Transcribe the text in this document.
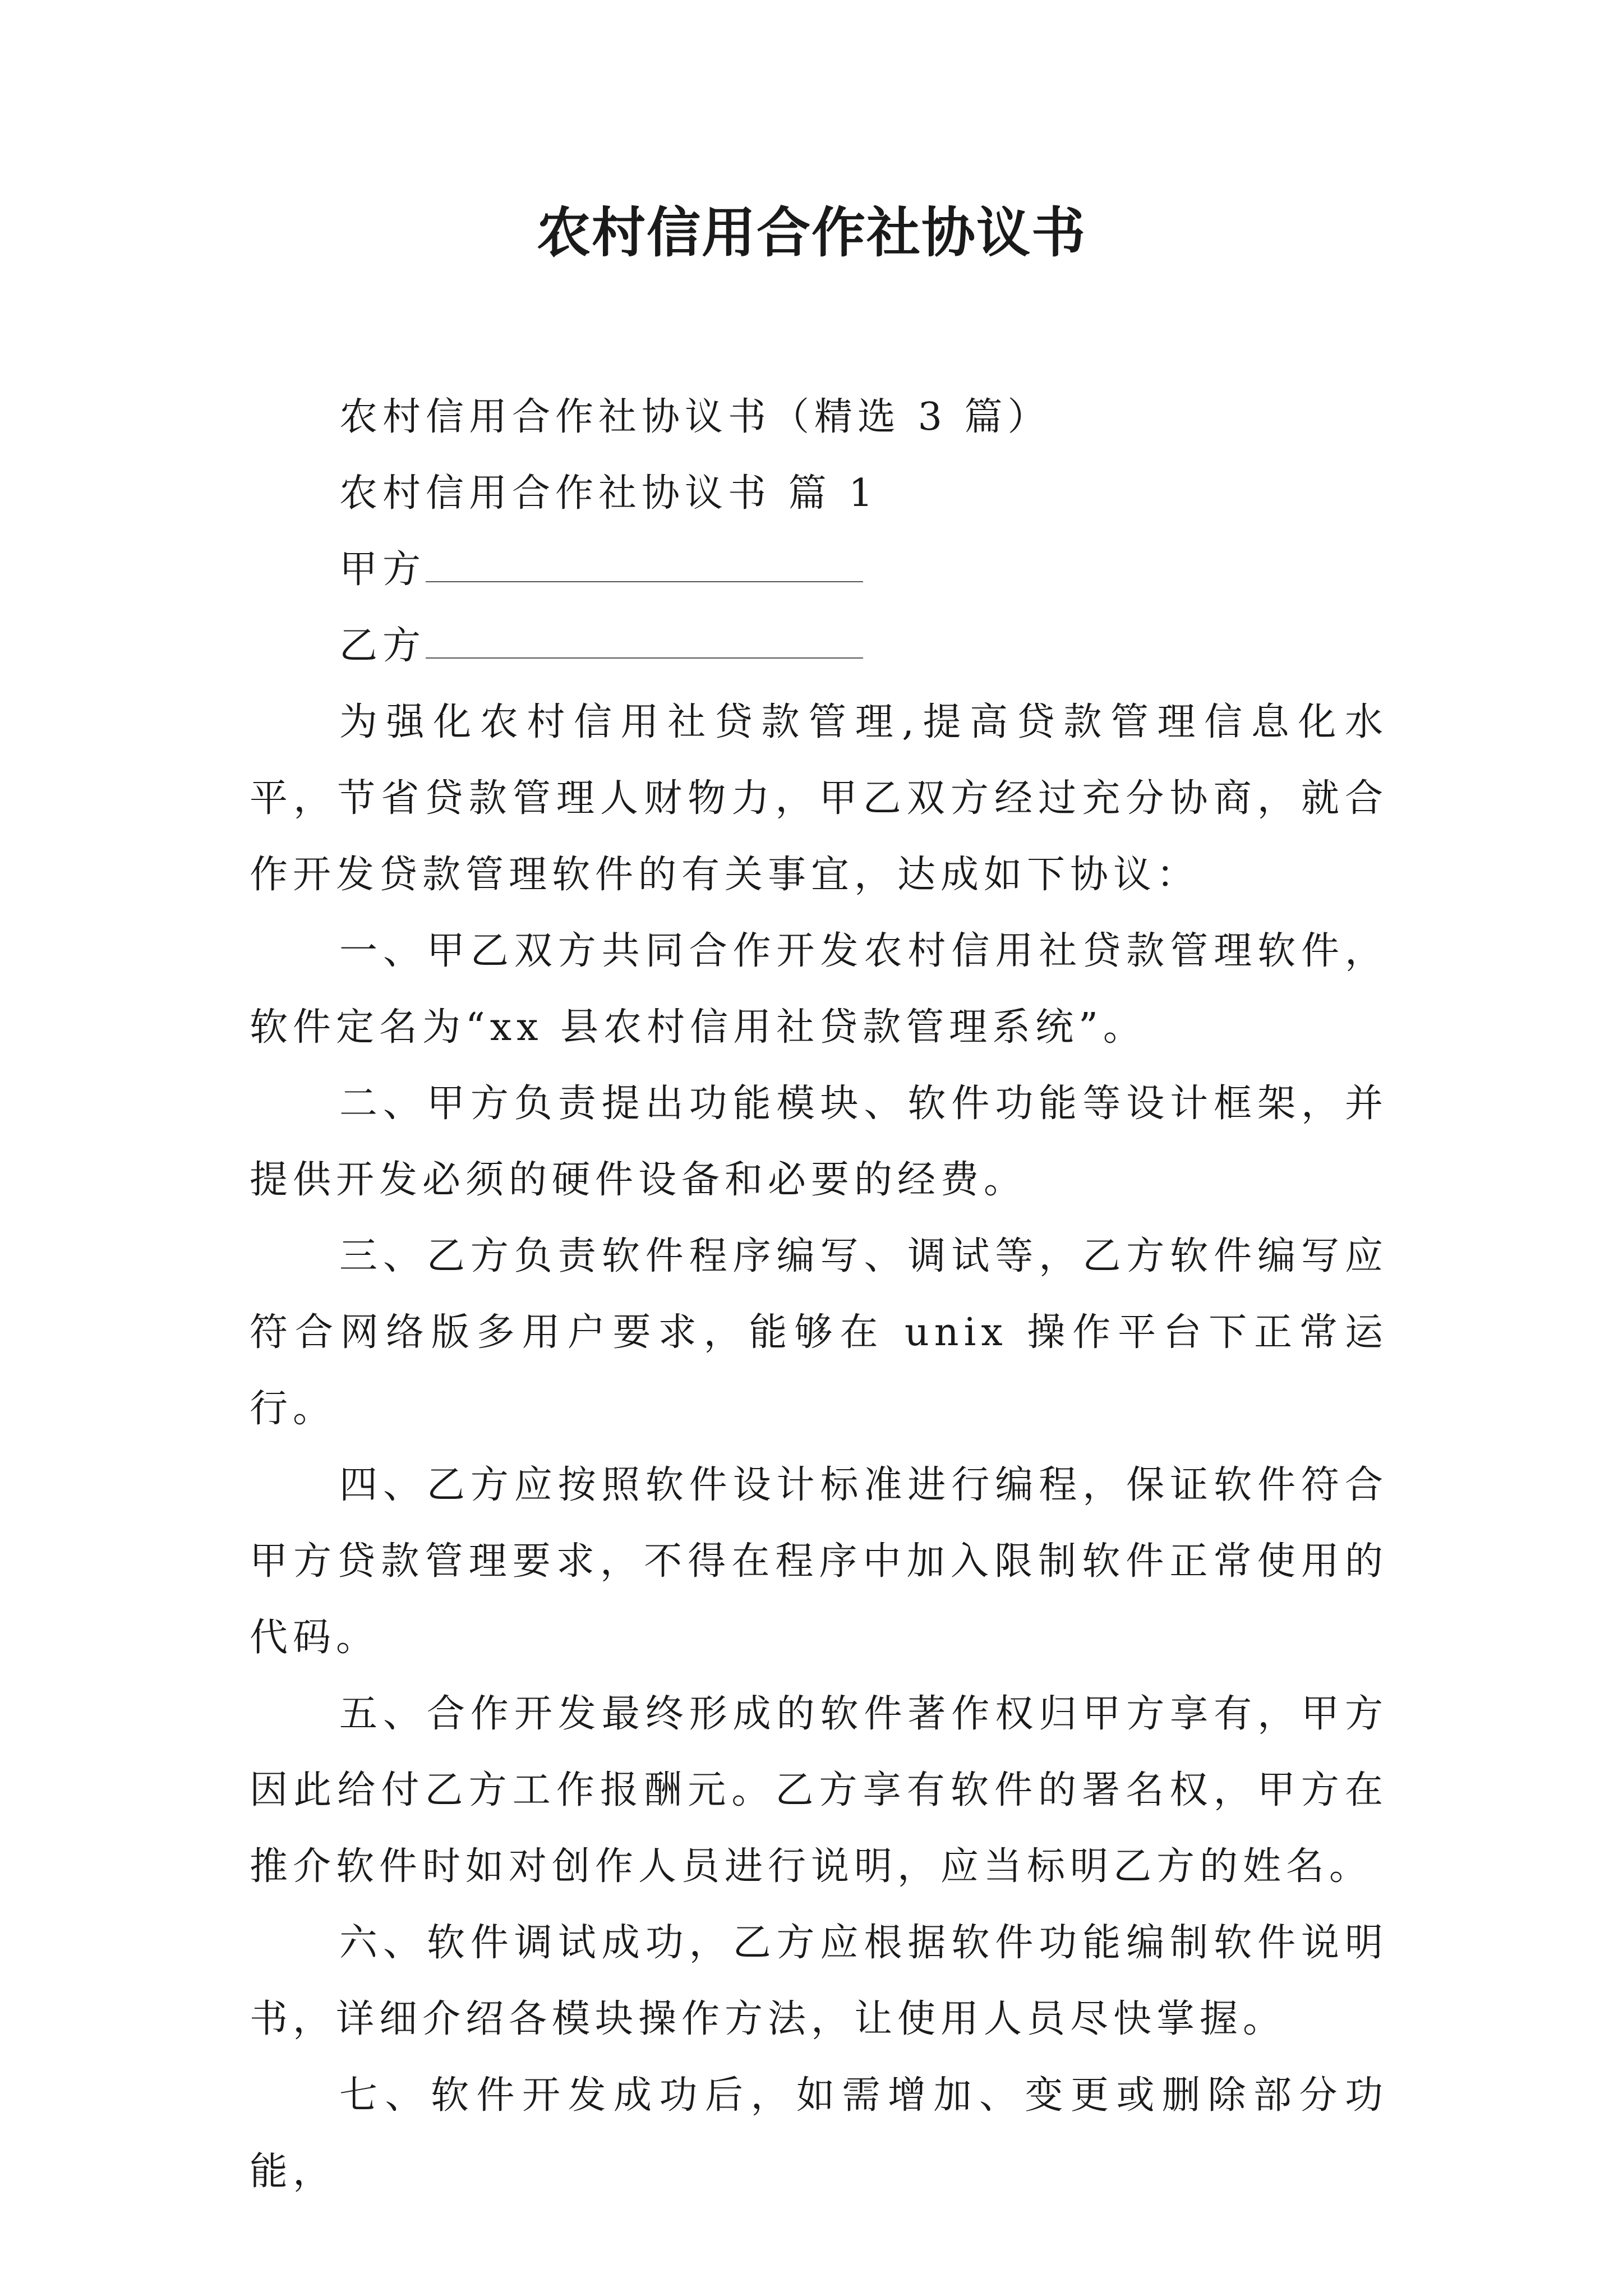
农村信用合作社协议书

农村信用合作社协议书（精选 3 篇）

农村信用合作社协议书 篇 1

甲方

乙方

为强化农村信用社贷款管理,提高贷款管理信息化水平，节省贷款管理人财物力，甲乙双方经过充分协商，就合作开发贷款管理软件的有关事宜，达成如下协议：

一、甲乙双方共同合作开发农村信用社贷款管理软件，软件定名为“xx 县农村信用社贷款管理系统”。

二、甲方负责提出功能模块、软件功能等设计框架，并提供开发必须的硬件设备和必要的经费。

三、乙方负责软件程序编写、调试等，乙方软件编写应符合网络版多用户要求，能够在 unix 操作平台下正常运行。

四、乙方应按照软件设计标准进行编程，保证软件符合甲方贷款管理要求，不得在程序中加入限制软件正常使用的代码。

五、合作开发最终形成的软件著作权归甲方享有，甲方因此给付乙方工作报酬元。乙方享有软件的署名权，甲方在推介软件时如对创作人员进行说明，应当标明乙方的姓名。

六、软件调试成功，乙方应根据软件功能编制软件说明书，详细介绍各模块操作方法，让使用人员尽快掌握。

七、软件开发成功后，如需增加、变更或删除部分功能，
